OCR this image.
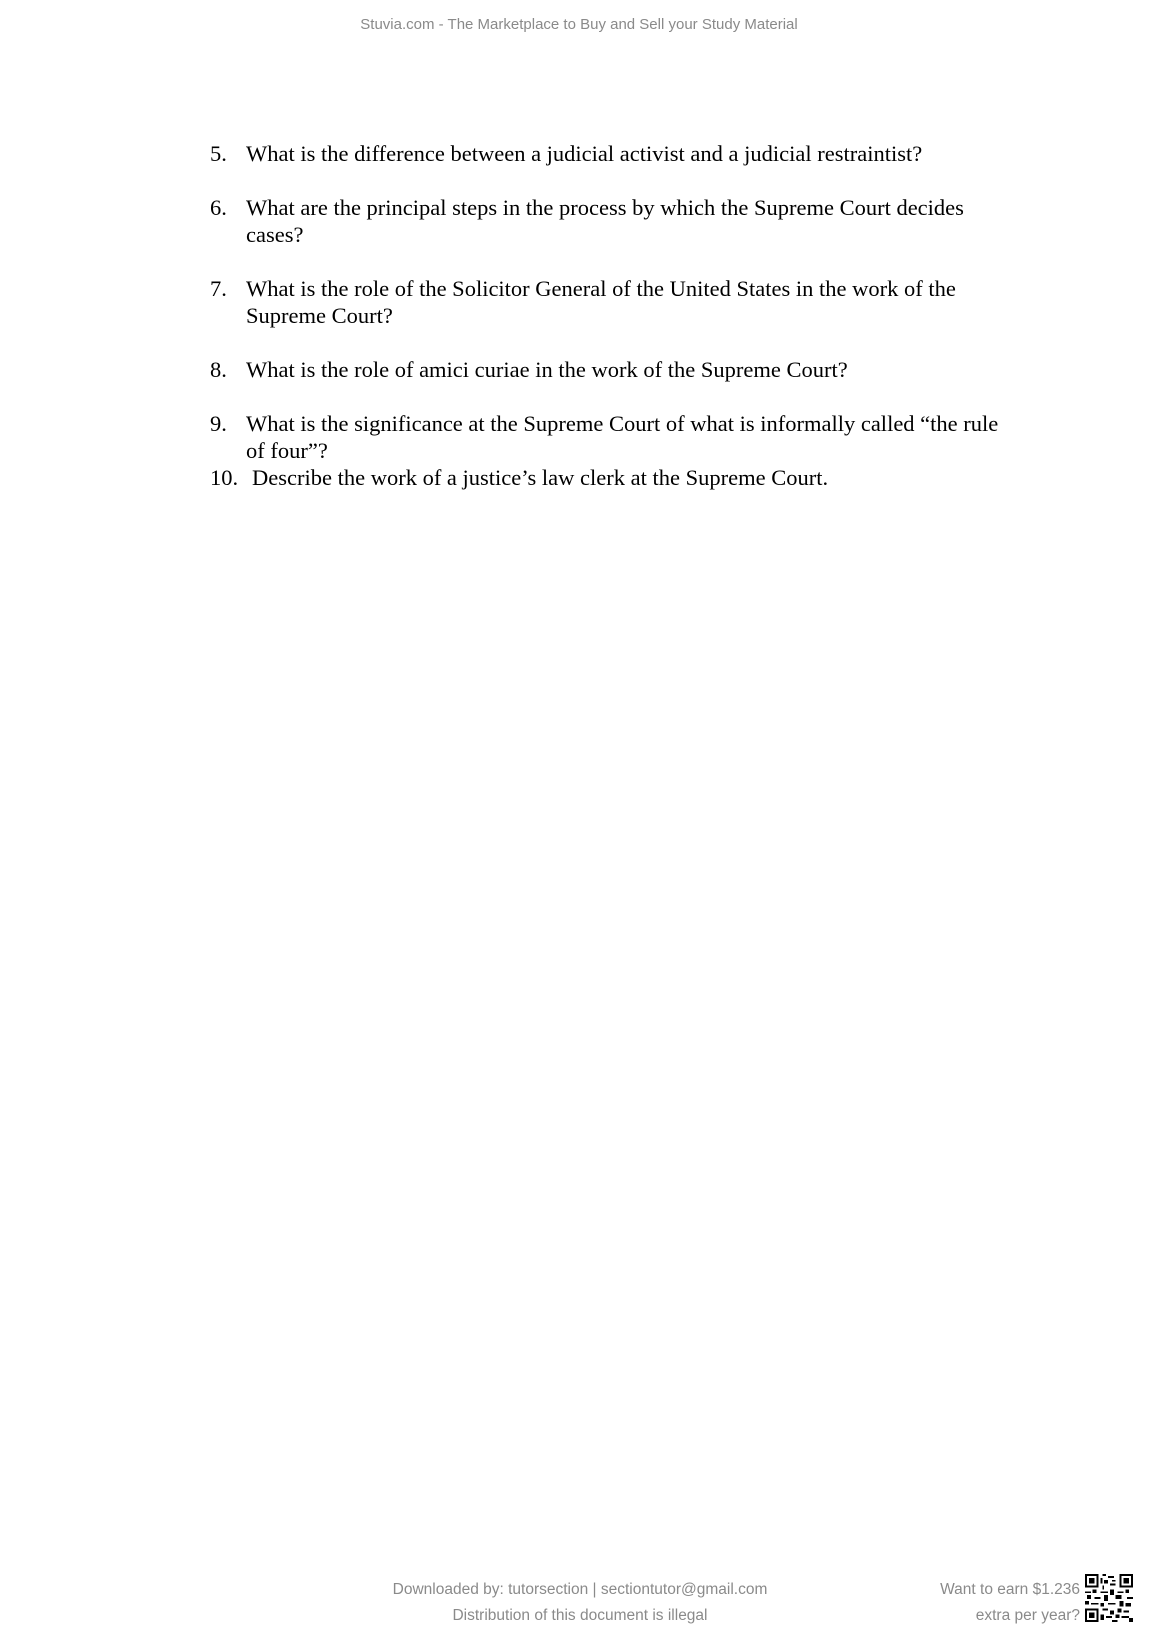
Stuvia.com - The Marketplace to Buy and Sell your Study Material
5. What is the difference between a judicial activist and a judicial restraintist?
6. What are the principal steps in the process by which the Supreme Court decides cases?
7. What is the role of the Solicitor General of the United States in the work of the Supreme Court?
8. What is the role of amici curiae in the work of the Supreme Court?
9. What is the significance at the Supreme Court of what is informally called “the rule of four”?
10. Describe the work of a justice’s law clerk at the Supreme Court.
Downloaded by: tutorsection | sectiontutor@gmail.com
Distribution of this document is illegal
Want to earn $1.236
extra per year?
